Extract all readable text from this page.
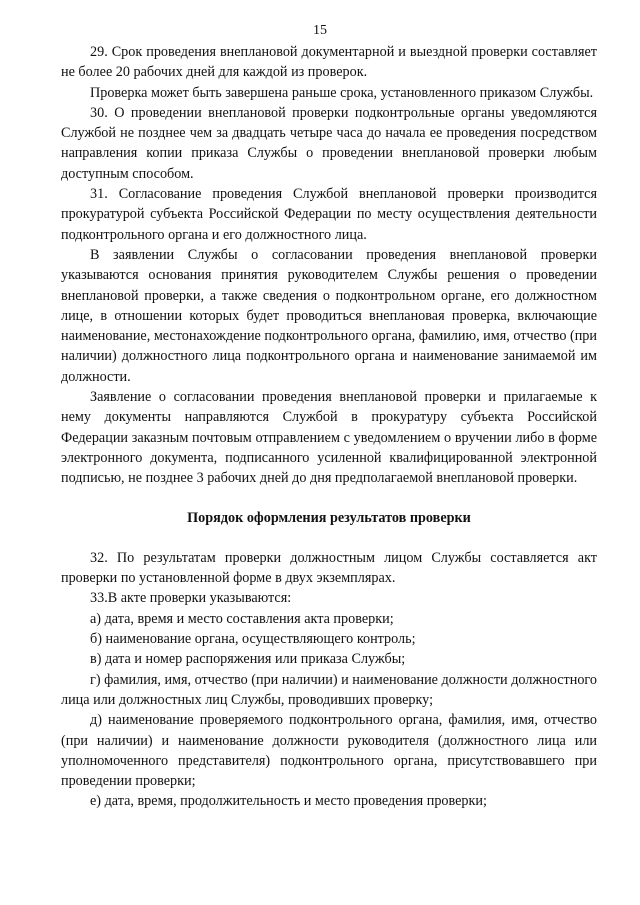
15

29. Срок проведения внеплановой документарной и выездной проверки составляет не более 20 рабочих дней для каждой из проверок.

Проверка может быть завершена раньше срока, установленного приказом Службы.

30. О проведении внеплановой проверки подконтрольные органы уведомляются Службой не позднее чем за двадцать четыре часа до начала ее проведения посредством направления копии приказа Службы о проведении внеплановой проверки любым доступным способом.

31. Согласование проведения Службой внеплановой проверки производится прокуратурой субъекта Российской Федерации по месту осуществления деятельности подконтрольного органа и его должностного лица.

В заявлении Службы о согласовании проведения внеплановой проверки указываются основания принятия руководителем Службы решения о проведении внеплановой проверки, а также сведения о подконтрольном органе, его должностном лице, в отношении которых будет проводиться внеплановая проверка, включающие наименование, местонахождение подконтрольного органа, фамилию, имя, отчество (при наличии) должностного лица подконтрольного органа и наименование занимаемой им должности.

Заявление о согласовании проведения внеплановой проверки и прилагаемые к нему документы направляются Службой в прокуратуру субъекта Российской Федерации заказным почтовым отправлением с уведомлением о вручении либо в форме электронного документа, подписанного усиленной квалифицированной электронной подписью, не позднее 3 рабочих дней до дня предполагаемой внеплановой проверки.

Порядок оформления результатов проверки

32. По результатам проверки должностным лицом Службы составляется акт проверки по установленной форме в двух экземплярах.

33.В акте проверки указываются:

а) дата, время и место составления акта проверки;

б) наименование органа, осуществляющего контроль;

в) дата и номер распоряжения или приказа Службы;

г) фамилия, имя, отчество (при наличии) и наименование должности должностного лица или должностных лиц Службы, проводивших проверку;

д) наименование проверяемого подконтрольного органа, фамилия, имя, отчество (при наличии) и наименование должности руководителя (должностного лица или уполномоченного представителя) подконтрольного органа, присутствовавшего при проведении проверки;

е) дата, время, продолжительность и место проведения проверки;
